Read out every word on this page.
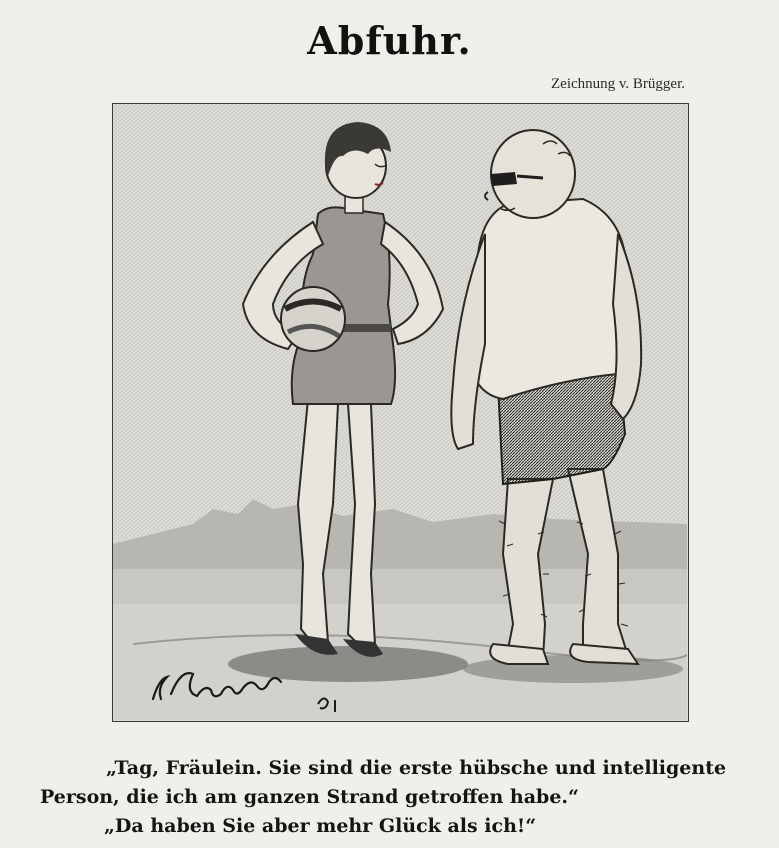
Abfuhr.
Zeichnung v. Brügger.
„Tag, Fräulein. Sie sind die erste hübsche und intelligente
Person, die ich am ganzen Strand getroffen habe.“
„Da haben Sie aber mehr Glück als ich!“
